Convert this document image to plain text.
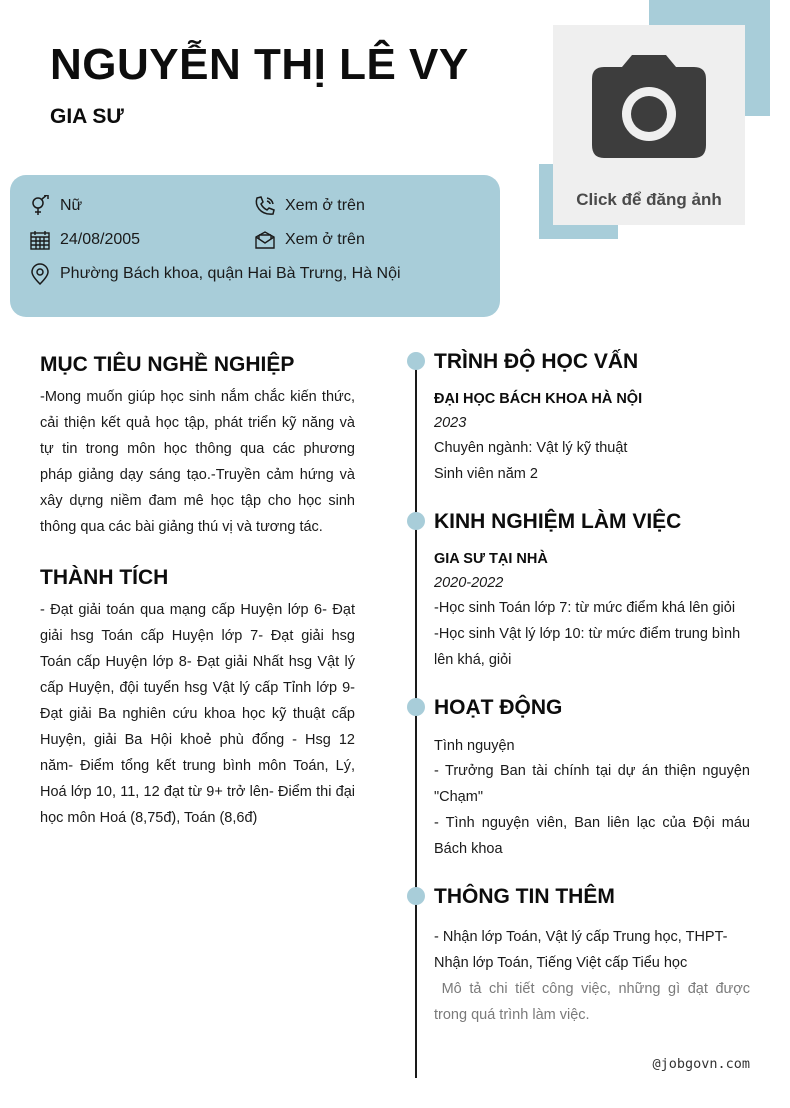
NGUYỄN THỊ LÊ VY
GIA SƯ
Click để đăng ảnh
Nữ	Xem ở trên
24/08/2005	Xem ở trên
Phường Bách khoa, quận Hai Bà Trưng, Hà Nội
MỤC TIÊU NGHỀ NGHIỆP
-Mong muốn giúp học sinh nắm chắc kiến thức, cải thiện kết quả học tập, phát triển kỹ năng và tự tin trong môn học thông qua các phương pháp giảng dạy sáng tạo.-Truyền cảm hứng và xây dựng niềm đam mê học tập cho học sinh thông qua các bài giảng thú vị và tương tác.
THÀNH TÍCH
- Đạt giải toán qua mạng cấp Huyện lớp 6- Đạt giải hsg Toán cấp Huyện lớp 7- Đạt giải hsg Toán cấp Huyện lớp 8- Đạt giải Nhất hsg Vật lý cấp Huyện, đội tuyển hsg Vật lý cấp Tỉnh lớp 9- Đạt giải Ba nghiên cứu khoa học kỹ thuật cấp Huyện, giải Ba Hội khoẻ phù đổng - Hsg 12 năm- Điểm tổng kết trung bình môn Toán, Lý, Hoá lớp 10, 11, 12 đạt từ 9+ trở lên- Điểm thi đại học môn Hoá (8,75đ), Toán (8,6đ)
TRÌNH ĐỘ HỌC VẤN
ĐẠI HỌC BÁCH KHOA HÀ NỘI
2023
Chuyên ngành: Vật lý kỹ thuật
Sinh viên năm 2
KINH NGHIỆM LÀM VIỆC
GIA SƯ TẠI NHÀ
2020-2022
-Học sinh Toán lớp 7: từ mức điểm khá lên giỏi
-Học sinh Vật lý lớp 10: từ mức điểm trung bình lên khá, giỏi
HOẠT ĐỘNG
Tình nguyện
- Trưởng Ban tài chính tại dự án thiện nguyện "Chạm"
- Tình nguyện viên, Ban liên lạc của Đội máu Bách khoa
THÔNG TIN THÊM
- Nhận lớp Toán, Vật lý cấp Trung học, THPT- Nhận lớp Toán, Tiếng Việt cấp Tiểu học
Mô tả chi tiết công việc, những gì đạt được trong quá trình làm việc.
@jobgovn.com
